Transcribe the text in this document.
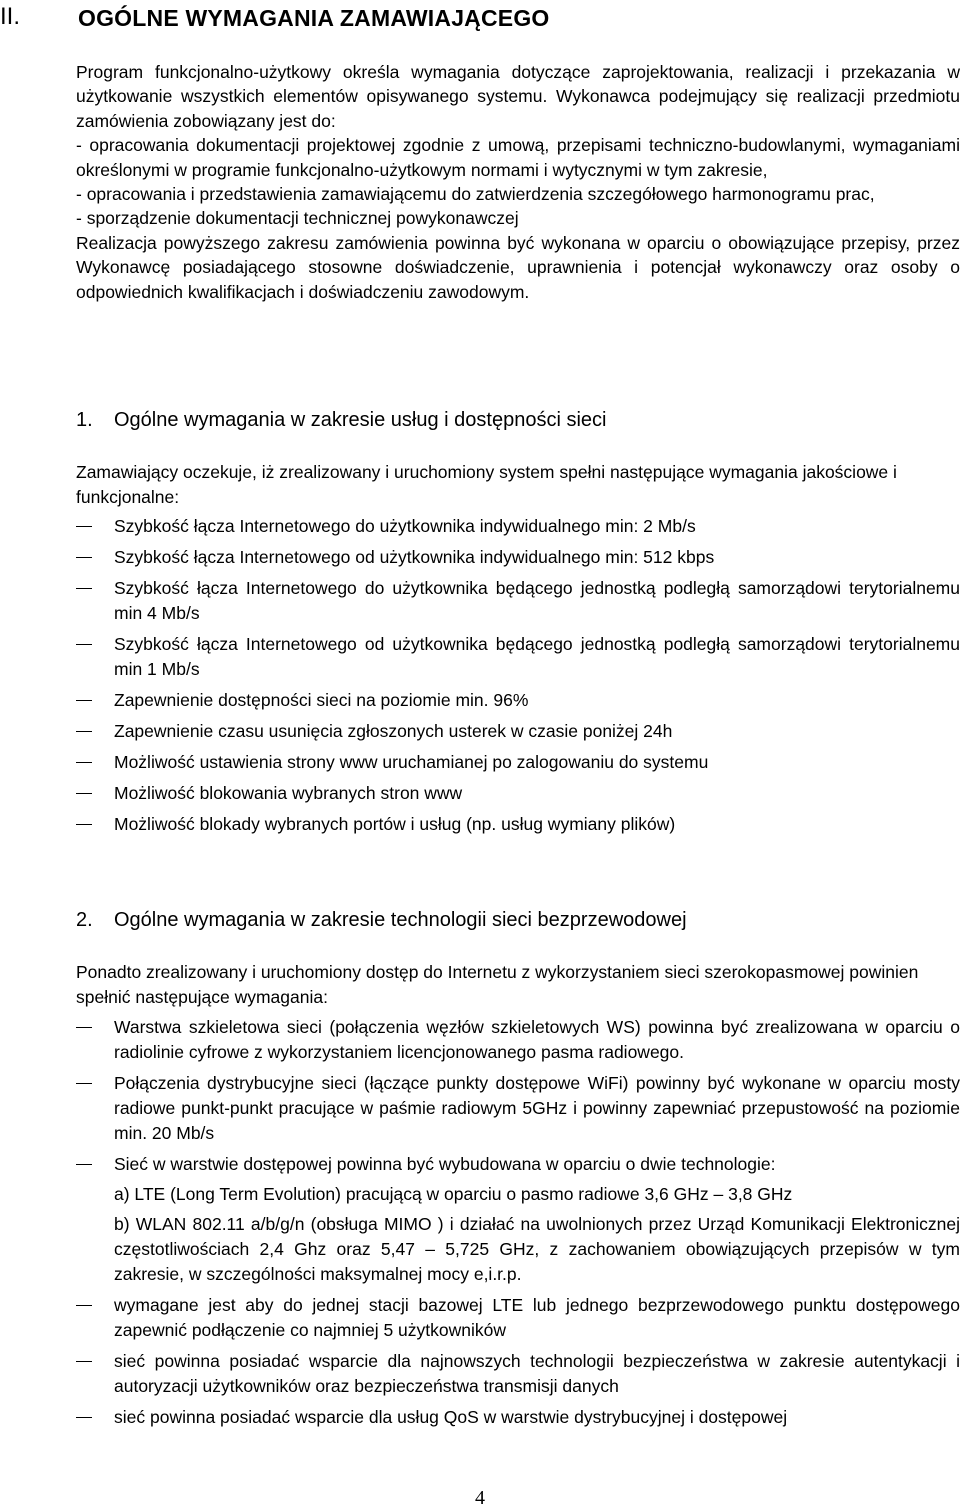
II.	OGÓLNE WYMAGANIA ZAMAWIAJĄCEGO

Program funkcjonalno-użytkowy określa wymagania dotyczące zaprojektowania, realizacji i przekazania w użytkowanie wszystkich elementów opisywanego systemu. Wykonawca podejmujący się realizacji przedmiotu zamówienia zobowiązany jest do:

- opracowania dokumentacji projektowej zgodnie z umową, przepisami techniczno-budowlanymi, wymaganiami określonymi w programie funkcjonalno-użytkowym normami i wytycznymi w tym zakresie,

- opracowania i przedstawienia zamawiającemu do zatwierdzenia szczegółowego harmonogramu prac,

- sporządzenie dokumentacji technicznej powykonawczej

Realizacja powyższego zakresu zamówienia powinna być wykonana w oparciu o obowiązujące przepisy, przez Wykonawcę posiadającego stosowne doświadczenie, uprawnienia i potencjał wykonawczy oraz osoby o odpowiednich kwalifikacjach i doświadczeniu zawodowym.

1. Ogólne wymagania w zakresie usług i dostępności sieci

Zamawiający oczekuje, iż zrealizowany i uruchomiony system spełni następujące wymagania jakościowe i funkcjonalne:

Szybkość łącza Internetowego do użytkownika indywidualnego min: 2 Mb/s
Szybkość łącza Internetowego od użytkownika indywidualnego min: 512 kbps
Szybkość łącza Internetowego do użytkownika będącego jednostką podległą samorządowi terytorialnemu min 4 Mb/s
Szybkość łącza Internetowego od użytkownika będącego jednostką podległą samorządowi terytorialnemu min 1 Mb/s
Zapewnienie dostępności sieci na poziomie min. 96%
Zapewnienie czasu usunięcia zgłoszonych usterek w czasie poniżej 24h
Możliwość ustawienia strony www uruchamianej po zalogowaniu do systemu
Możliwość blokowania wybranych stron www
Możliwość blokady wybranych portów i usług (np. usług wymiany plików)
2. Ogólne wymagania w zakresie technologii sieci bezprzewodowej

Ponadto zrealizowany i uruchomiony dostęp do Internetu z wykorzystaniem sieci szerokopasmowej powinien spełnić następujące wymagania:

Warstwa szkieletowa sieci (połączenia węzłów szkieletowych WS) powinna być zrealizowana w oparciu o radiolinie cyfrowe z wykorzystaniem licencjonowanego pasma radiowego.
Połączenia dystrybucyjne sieci (łączące punkty dostępowe WiFi) powinny być wykonane w oparciu mosty radiowe punkt-punkt pracujące w paśmie radiowym 5GHz i powinny zapewniać przepustowość na poziomie min. 20 Mb/s
Sieć w warstwie dostępowej powinna być wybudowana w oparciu o dwie technologie:
a) LTE (Long Term Evolution) pracującą w oparciu o pasmo radiowe 3,6 GHz – 3,8 GHz
b) WLAN 802.11 a/b/g/n (obsługa MIMO ) i działać na uwolnionych przez Urząd Komunikacji Elektronicznej częstotliwościach 2,4 Ghz oraz 5,47 – 5,725 GHz, z zachowaniem obowiązujących przepisów w tym zakresie, w szczególności maksymalnej mocy e,i.r.p.
wymagane jest aby do jednej stacji bazowej LTE lub jednego bezprzewodowego punktu dostępowego zapewnić podłączenie co najmniej 5 użytkowników
sieć powinna posiadać wsparcie dla najnowszych technologii bezpieczeństwa w zakresie autentykacji i autoryzacji użytkowników oraz bezpieczeństwa transmisji danych
sieć powinna posiadać wsparcie dla usług QoS w warstwie dystrybucyjnej i dostępowej
4
